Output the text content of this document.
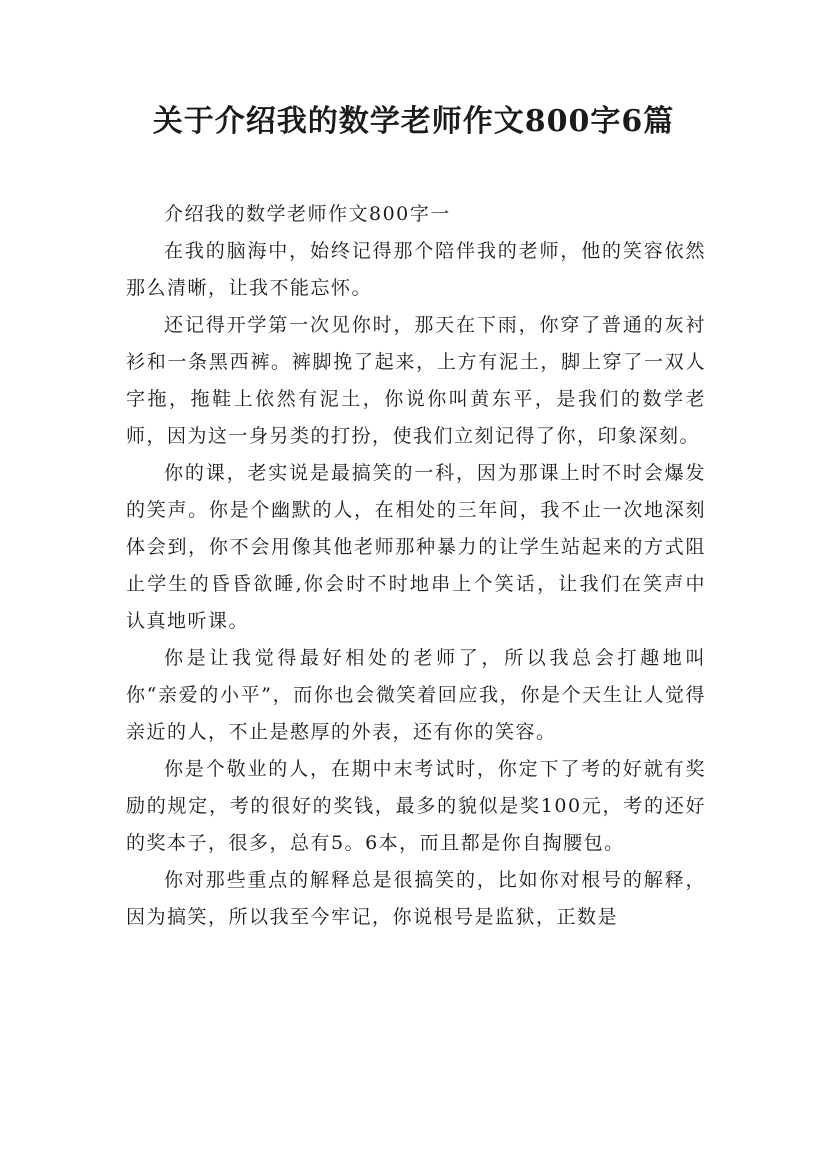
关于介绍我的数学老师作文800字6篇

介绍我的数学老师作文800字一

在我的脑海中，始终记得那个陪伴我的老师，他的笑容依然那么清晰，让我不能忘怀。

还记得开学第一次见你时，那天在下雨，你穿了普通的灰衬衫和一条黑西裤。裤脚挽了起来，上方有泥土，脚上穿了一双人字拖，拖鞋上依然有泥土，你说你叫黄东平，是我们的数学老师，因为这一身另类的打扮，使我们立刻记得了你，印象深刻。

你的课，老实说是最搞笑的一科，因为那课上时不时会爆发的笑声。你是个幽默的人，在相处的三年间，我不止一次地深刻体会到，你不会用像其他老师那种暴力的让学生站起来的方式阻止学生的昏昏欲睡,你会时不时地串上个笑话，让我们在笑声中认真地听课。

你是让我觉得最好相处的老师了，所以我总会打趣地叫你“亲爱的小平”，而你也会微笑着回应我，你是个天生让人觉得亲近的人，不止是憨厚的外表，还有你的笑容。

你是个敬业的人，在期中末考试时，你定下了考的好就有奖励的规定，考的很好的奖钱，最多的貌似是奖100元，考的还好的奖本子，很多，总有5。6本，而且都是你自掏腰包。

你对那些重点的解释总是很搞笑的，比如你对根号的解释，因为搞笑，所以我至今牢记，你说根号是监狱，正数是
